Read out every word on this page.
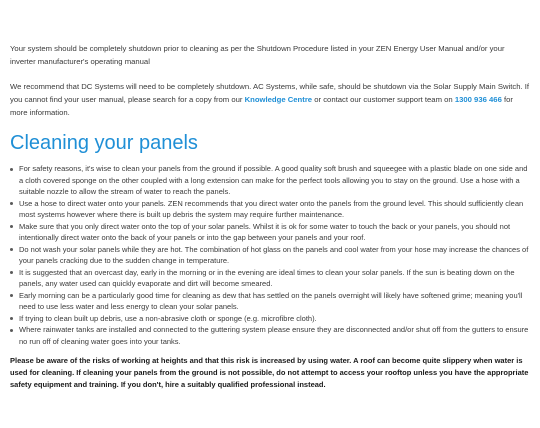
Your system should be completely shutdown prior to cleaning as per the Shutdown Procedure listed in your ZEN Energy User Manual and/or your inverter manufacturer's operating manual

We recommend that DC Systems will need to be completely shutdown. AC Systems, while safe, should be shutdown via the Solar Supply Main Switch. If you cannot find your user manual, please search for a copy from our Knowledge Centre or contact our customer support team on 1300 936 466 for more information.

Cleaning your panels
For safety reasons, it's wise to clean your panels from the ground if possible. A good quality soft brush and squeegee with a plastic blade on one side and a cloth covered sponge on the other coupled with a long extension can make for the perfect tools allowing you to stay on the ground. Use a hose with a suitable nozzle to allow the stream of water to reach the panels.
Use a hose to direct water onto your panels. ZEN recommends that you direct water onto the panels from the ground level. This should sufficiently clean most systems however where there is built up debris the system may require further maintenance.
Make sure that you only direct water onto the top of your solar panels. Whilst it is ok for some water to touch the back or your panels, you should not intentionally direct water onto the back of your panels or into the gap between your panels and your roof.
Do not wash your solar panels while they are hot. The combination of hot glass on the panels and cool water from your hose may increase the chances of your panels cracking due to the sudden change in temperature.
It is suggested that an overcast day, early in the morning or in the evening are ideal times to clean your solar panels. If the sun is beating down on the panels, any water used can quickly evaporate and dirt will become smeared.
Early morning can be a particularly good time for cleaning as dew that has settled on the panels overnight will likely have softened grime; meaning you'll need to use less water and less energy to clean your solar panels.
If trying to clean built up debris, use a non-abrasive cloth or sponge (e.g. microfibre cloth).
Where rainwater tanks are installed and connected to the guttering system please ensure they are disconnected and/or shut off from the gutters to ensure no run off of cleaning water goes into your tanks.

Please be aware of the risks of working at heights and that this risk is increased by using water. A roof can become quite slippery when water is used for cleaning. If cleaning your panels from the ground is not possible, do not attempt to access your rooftop unless you have the appropriate safety equipment and training. If you don't, hire a suitably qualified professional instead.
